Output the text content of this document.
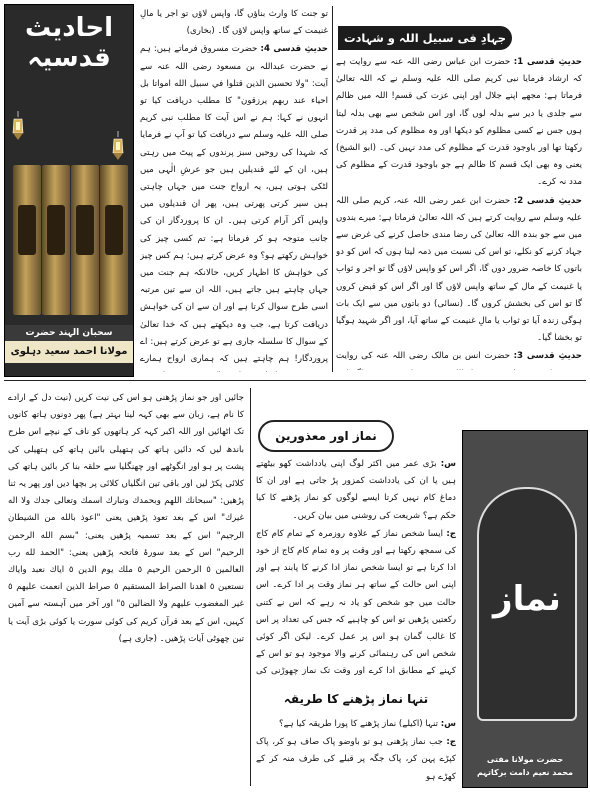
جہادِ فی سبیل اللہ و شہادت

حدیثِ قدسی 1: حضرت ابن عباس رضی اللہ عنہ سے روایت ہے کہ ارشاد فرمایا نبی کریم صلی اللہ علیہ وسلم نے کہ اللہ تعالیٰ فرماتا ہے: مجھے اپنے جلال اور اپنی عزت کی قسم! اللہ میں ظالم سے جلدی یا دیر سے بدلہ لوں گا، اور اس شخص سے بھی بدلہ لیتا ہوں جس نے کسی مظلوم کو دیکھا اور وہ مظلوم کی مدد پر قدرت رکھتا تھا اور باوجود قدرت کے مظلوم کی مدد نہیں کی۔ (ابو الشیخ) یعنی وہ بھی ایک قسم کا ظالم ہے جو باوجود قدرت کے مظلوم کی مدد نہ کرے۔

حدیثِ قدسی 2: حضرت ابن عمر رضی اللہ عنہ، کریم صلی اللہ علیہ وسلم سے روایت کرتے ہیں کہ اللہ تعالیٰ فرماتا ہے: میرے بندوں میں سے جو بندہ اللہ تعالیٰ کی رضا مندی حاصل کرنے کی غرض سے جہاد کرنے کو نکلے، تو اس کی نسبت میں ذمہ لیتا ہوں کہ اس کو دو باتوں کا خاصہ ضرور دوں گا، اگر اس کو واپس لاؤں گا تو اجر و ثواب یا غنیمت کے مال کے ساتھ واپس لاؤں گا اور اگر اس کو قبض کروں گا تو اس کی بخشش کروں گا۔ (نسائی) دو باتوں میں سے ایک بات ہوگی زندہ آیا تو ثواب یا مالِ غنیمت کے ساتھ آیا، اور اگر شہید ہوگیا تو بخشا گیا۔

حدیثِ قدسی 3: حضرت انس بن مالک رضی اللہ عنہ کی روایت

تو جنت کا وارث بناؤں گا، واپس لاؤں تو اجر یا مالِ غنیمت کے ساتھ واپس لاؤں گا۔ (بخاری)

حدیثِ قدسی 4: حضرت مسروق فرماتے ہیں: ہم نے حضرت عبداللہ بن مسعود رضی اللہ عنہ سے آیت: "ولا تحسبن الذين قتلوا في سبيل الله امواتا بل احياء عند ربهم يرزقون" کا مطلب دریافت کیا تو انہوں نے کہا: ہم نے اس آیت کا مطلب نبی کریم صلی اللہ علیہ وسلم سے دریافت کیا تو آپ نے فرمایا کہ شہدا کی روحیں سبز پرندوں کے پیٹ میں رہتی ہیں، ان کے لئے قندیلیں ہیں جو عرشِ الٰہی میں لٹکی ہوتی ہیں، یہ ارواح جنت میں جہاں چاہتی ہیں سیر کرتی پھرتی ہیں، پھر ان قندیلوں میں واپس آکر آرام کرتی ہیں۔ ان کا پروردگار ان کی جانب متوجہ ہو کر فرماتا ہے: تم کسی چیز کی خواہش رکھتے ہو؟ وہ عرض کرتے ہیں: ہم کس چیز کی خواہش کا اظہار کریں، حالانکہ ہم جنت میں جہاں چاہتے ہیں جاتے ہیں، اللہ ان سے تین مرتبہ اسی طرح سوال کرتا ہے اور ان سے ان کی خواہش دریافت کرتا ہے، جب وہ دیکھتے ہیں کہ خدا تعالیٰ کے سوال کا سلسلہ جاری ہے تو عرض کرتے ہیں: اے پروردگار! ہم چاہتے ہیں کہ ہماری ارواح ہمارے

احادیث
قدسیہ
سحبان الہند حضرت
مولانا احمد سعید دہلوی
نماز اور معذورین

س: بڑی عمر میں اکثر لوگ اپنی یادداشت کھو بیٹھتے ہیں یا ان کی یادداشت کمزور پڑ جاتی ہے اور ان کا دماغ کام نہیں کرتا ایسے لوگوں کو نماز پڑھنے کا کیا حکم ہے؟ شریعت کی روشنی میں بیان کریں۔

ج: ایسا شخص نماز کے علاوہ روزمرہ کے تمام کام کاج کی سمجھ رکھتا ہے اور وقت پر وہ تمام کام کاج از خود ادا کرتا ہے تو ایسا شخص نماز ادا کرنے کا پابند ہے اور اپنی اس حالت کے ساتھ ہر نماز وقت پر ادا کرے۔ اس حالت میں جو شخص کو یاد نہ رہے کہ اس نے کتنی رکعتیں پڑھیں تو اس کو چاہیے کہ جس کی تعداد پر اس کا غالب گمان ہو اس پر عمل کرے۔ لیکن اگر کوئی شخص اس کی رہنمائی کرنے والا موجود ہو تو اس کے کہنے کے مطابق ادا کرے اور وقت تک نماز چھوڑنی کی

تنہا نماز پڑھنے کا طریقہ

س: تنہا (اکیلے) نماز پڑھنے کا پورا طریقہ کیا ہے؟

ج: جب نماز پڑھنی ہو تو باوضو پاک صاف ہو کر، پاک کپڑے پہن کر، پاک جگہ پر قبلے کی طرف منہ کر کے کھڑے ہو

جائیں اور جو نماز پڑھنی ہو اس کی نیت کریں (نیت دل کے ارادے کا نام ہے، زبان سے بھی کہہ لینا بہتر ہے) پھر دونوں ہاتھ کانوں تک اٹھائیں اور اللہ اکبر کہہ کر ہاتھوں کو ناف کے نیچے اس طرح باندھ لیں کہ دائیں ہاتھ کی ہتھیلی بائیں ہاتھ کی ہتھیلی کی پشت پر ہو اور انگوٹھے اور چھنگلیا سے حلقہ بنا کر بائیں ہاتھ کی کلائی پکڑ لیں اور باقی تین انگلیاں کلائی پر بچھا دیں اور پھر یہ ثنا پڑھیں: "سبحانك اللهم وبحمدك وتبارك اسمك وتعالى جدك ولا اله غيرك" اس کے بعد تعوذ پڑھیں یعنی "اعوذ بالله من الشيطان الرجيم" اس کے بعد تسمیہ پڑھیں یعنی: "بسم الله الرحمن الرحيم" اس کے بعد سورۂ فاتحہ پڑھیں یعنی: "الحمد لله رب العالمين ٥ الرحمن الرحيم ٥ ملك يوم الدين ٥ اياك نعبد واياك نستعين ٥ اهدنا الصراط المستقيم ٥ صراط الذين انعمت عليهم ٥ غير المغضوب عليهم ولا الضالين ٥" اور آخر میں آہستہ سے آمین کہیں، اس کے بعد قرآن کریم کی کوئی سورت یا کوئی بڑی آیت یا تین چھوٹی آیات پڑھیں۔ (جاری ہے)

نماز
حضرت مولانا مفتی
محمد نعیم دامت برکاتہم
